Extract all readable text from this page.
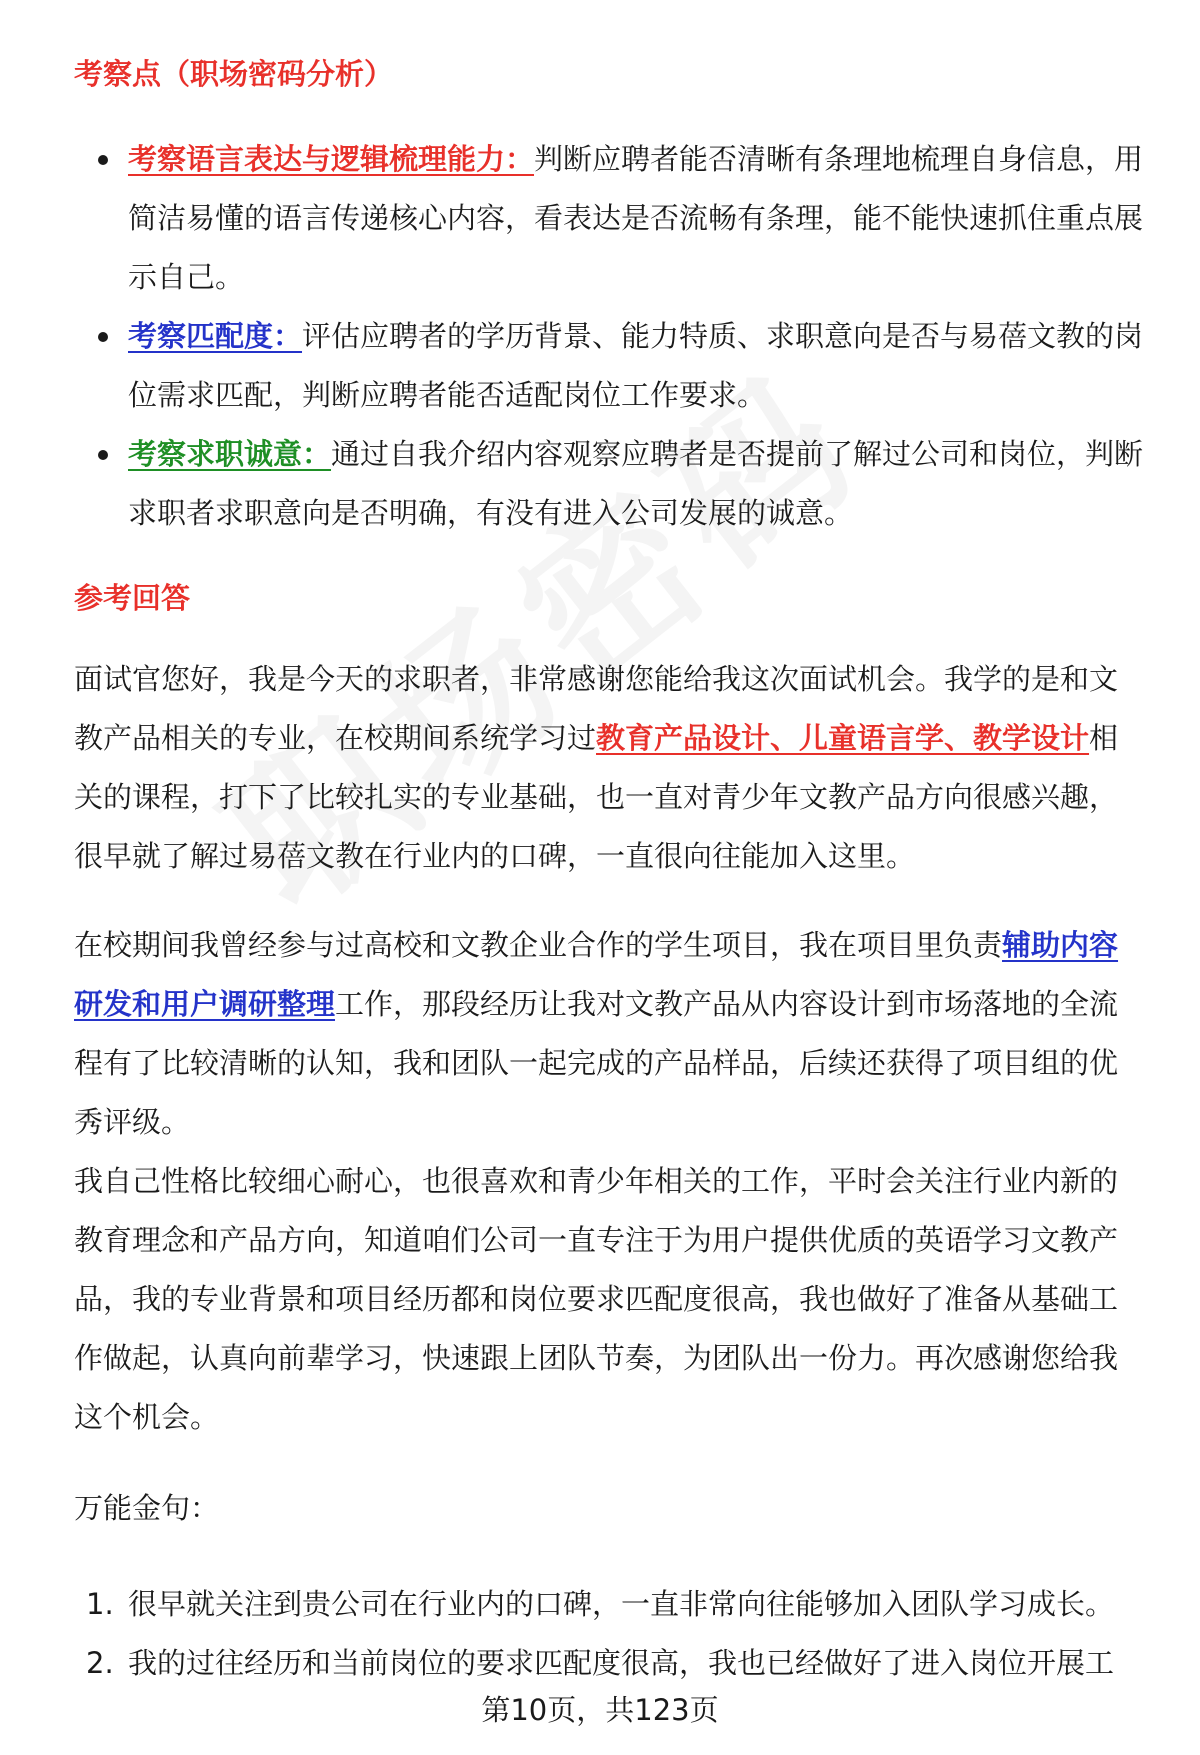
考察点（职场密码分析）
考察语言表达与逻辑梳理能力：判断应聘者能否清晰有条理地梳理自身信息，用简洁易懂的语言传递核心内容，看表达是否流畅有条理，能不能快速抓住重点展示自己。
考察匹配度：评估应聘者的学历背景、能力特质、求职意向是否与易蓓文教的岗位需求匹配，判断应聘者能否适配岗位工作要求。
考察求职诚意：通过自我介绍内容观察应聘者是否提前了解过公司和岗位，判断求职者求职意向是否明确，有没有进入公司发展的诚意。
参考回答

面试官您好，我是今天的求职者，非常感谢您能给我这次面试机会。我学的是和文教产品相关的专业，在校期间系统学习过教育产品设计、儿童语言学、教学设计相关的课程，打下了比较扎实的专业基础，也一直对青少年文教产品方向很感兴趣，很早就了解过易蓓文教在行业内的口碑，一直很向往能加入这里。

在校期间我曾经参与过高校和文教企业合作的学生项目，我在项目里负责辅助内容研发和用户调研整理工作，那段经历让我对文教产品从内容设计到市场落地的全流程有了比较清晰的认知，我和团队一起完成的产品样品，后续还获得了项目组的优秀评级。

我自己性格比较细心耐心，也很喜欢和青少年相关的工作，平时会关注行业内新的教育理念和产品方向，知道咱们公司一直专注于为用户提供优质的英语学习文教产品，我的专业背景和项目经历都和岗位要求匹配度很高，我也做好了准备从基础工作做起，认真向前辈学习，快速跟上团队节奏，为团队出一份力。再次感谢您给我这个机会。

万能金句：

1. 很早就关注到贵公司在行业内的口碑，一直非常向往能够加入团队学习成长。
2. 我的过往经历和当前岗位的要求匹配度很高，我也已经做好了进入岗位开展工
第10页，共123页
